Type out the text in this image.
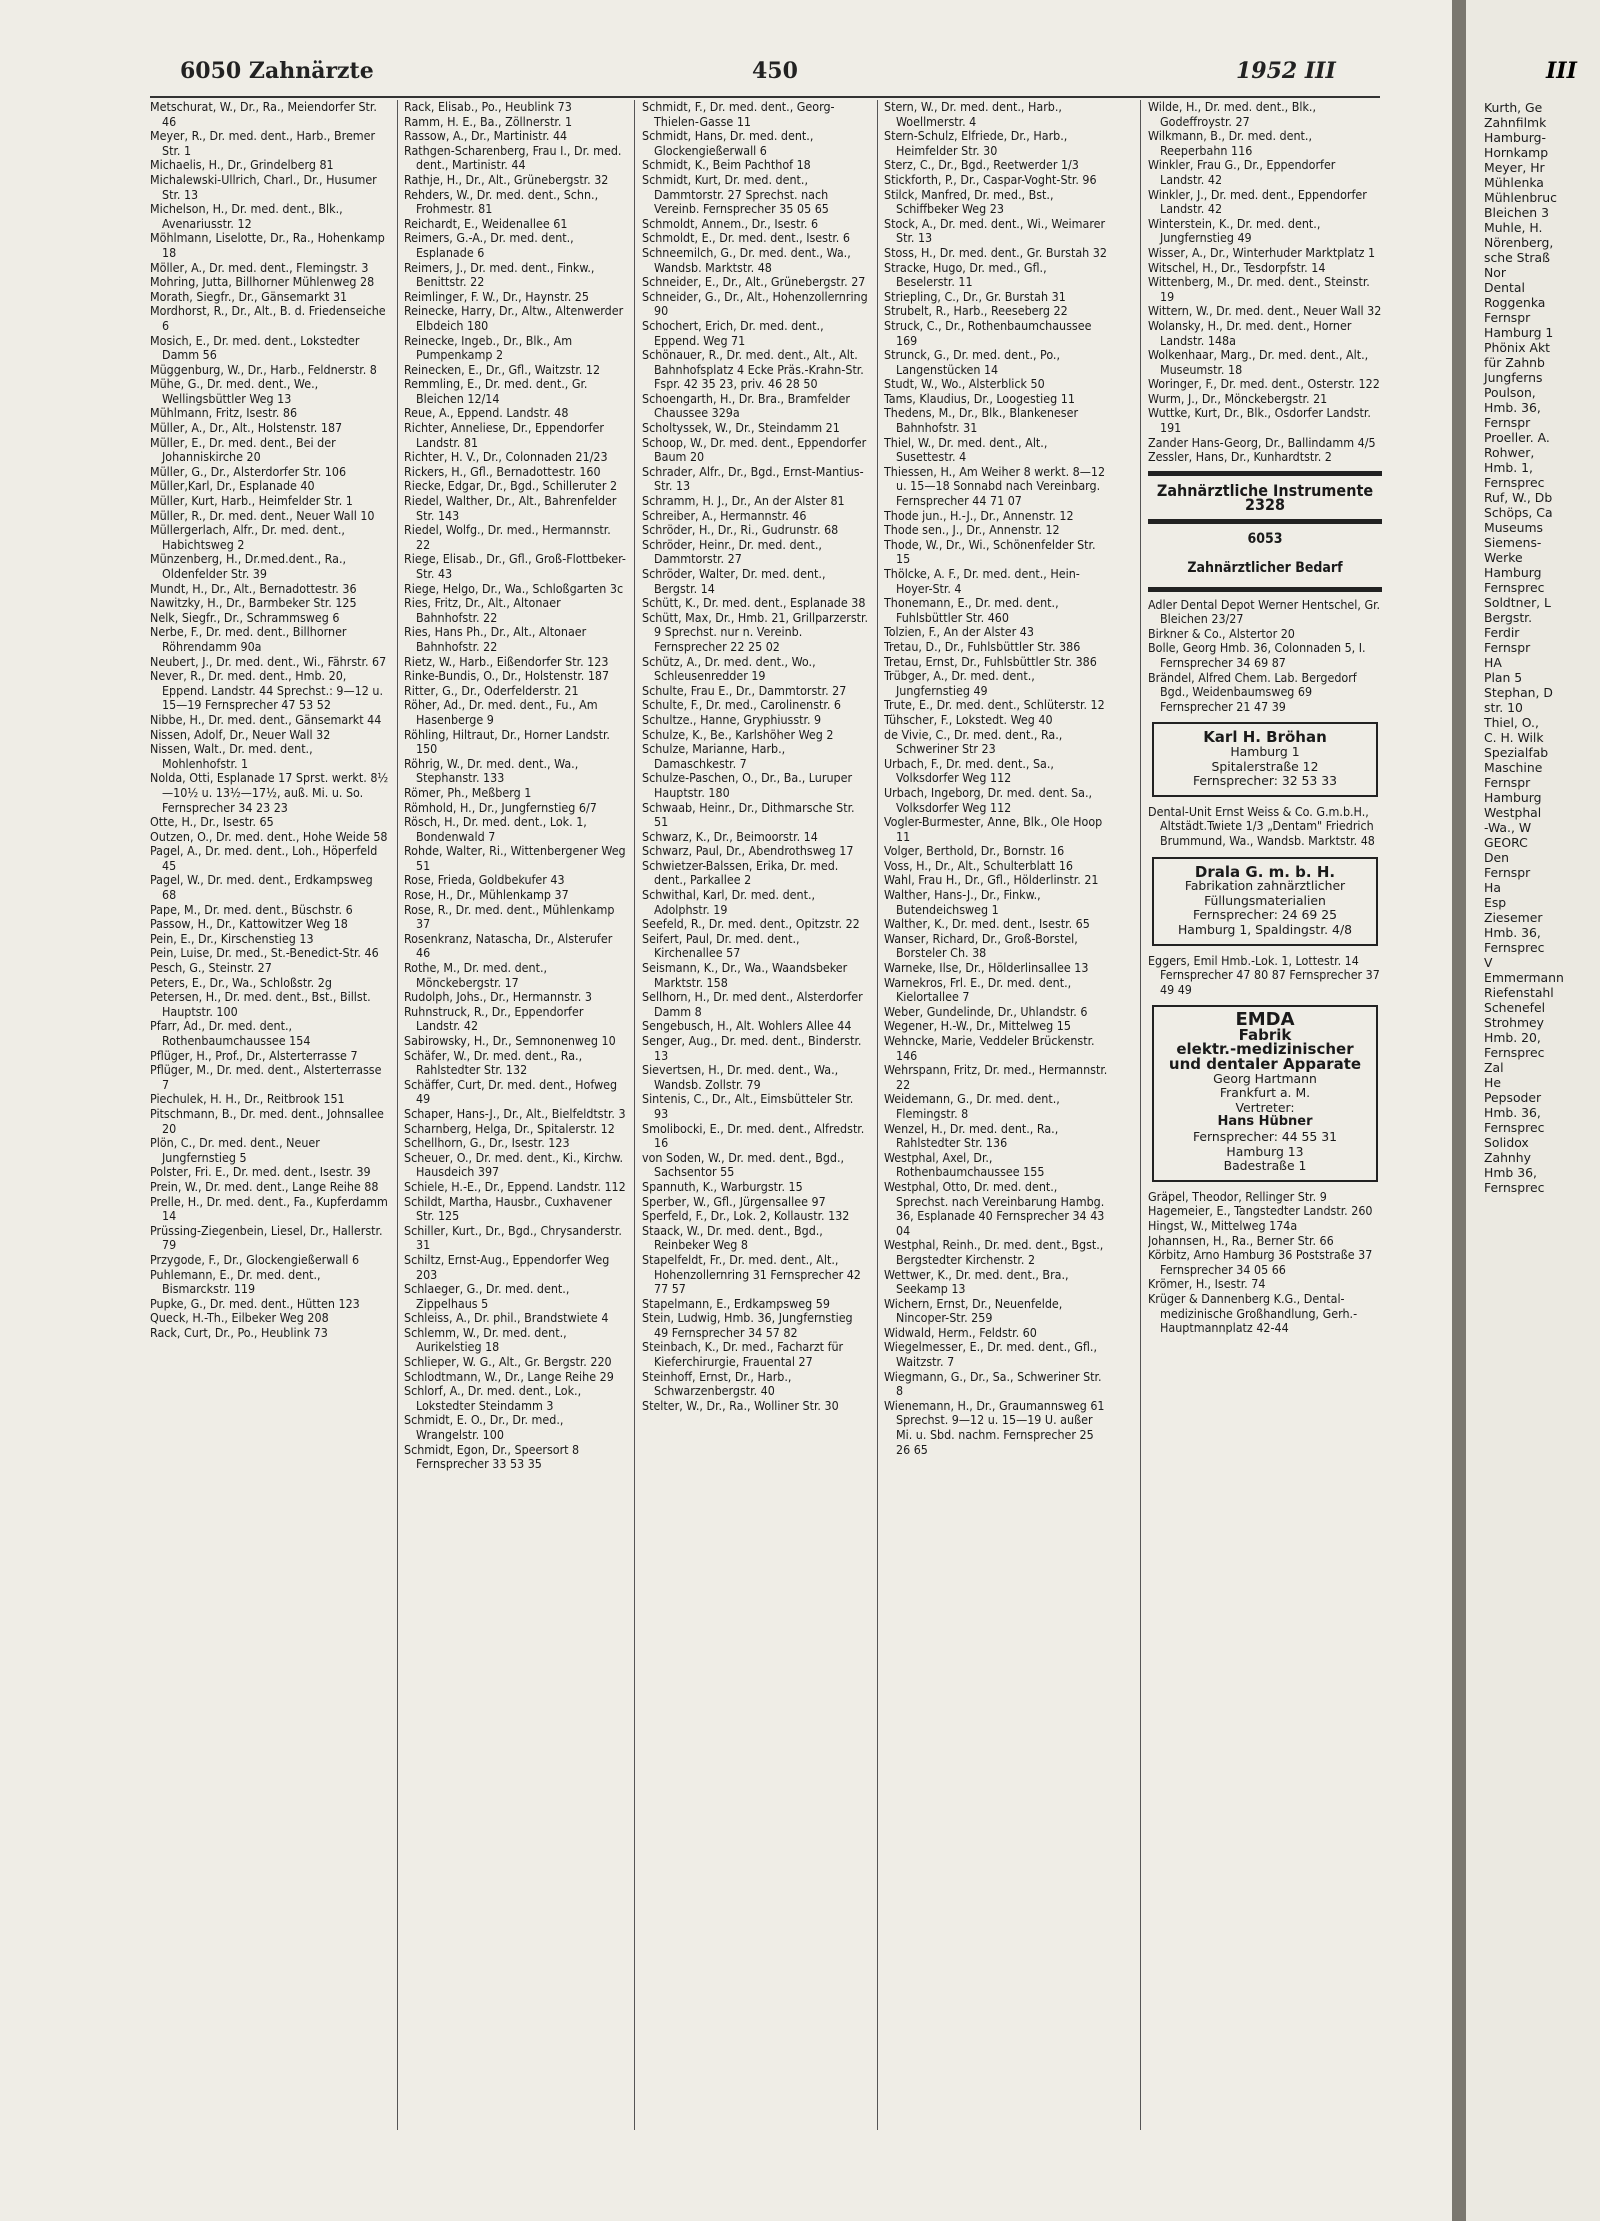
6050 Zahnärzte	450	1952 III	III
Metschurat, W., Dr., Ra., Meiendorfer Str. 46
Meyer, R., Dr. med. dent., Harb., Bremer Str. 1
Michaelis, H., Dr., Grindelberg 81
Michalewski-Ullrich, Charl., Dr., Husumer Str. 13
Michelson, H., Dr. med. dent., Blk., Avenariusstr. 12
Möhlmann, Liselotte, Dr., Ra., Hohenkamp 18
Möller, A., Dr. med. dent., Flemingstr. 3
Mohring, Jutta, Billhorner Mühlenweg 28
Morath, Siegfr., Dr., Gänsemarkt 31
Mordhorst, R., Dr., Alt., B. d. Friedenseiche 6
Mosich, E., Dr. med. dent., Lokstedter Damm 56
Müggenburg, W., Dr., Harb., Feldnerstr. 8
Mühe, G., Dr. med. dent., We., Wellingsbüttler Weg 13
Mühlmann, Fritz, Isestr. 86
Müller, A., Dr., Alt., Holstenstr. 187
Müller, E., Dr. med. dent., Bei der Johanniskirche 20
Müller, G., Dr., Alsterdorfer Str. 106
Müller,Karl, Dr., Esplanade 40
Müller, Kurt, Harb., Heimfelder Str. 1
Müller, R., Dr. med. dent., Neuer Wall 10
Müllergerlach, Alfr., Dr. med. dent., Habichtsweg 2
Münzenberg, H., Dr.med.dent., Ra., Oldenfelder Str. 39
Mundt, H., Dr., Alt., Bernadottestr. 36
Nawitzky, H., Dr., Barmbeker Str. 125
Nelk, Siegfr., Dr., Schrammsweg 6
Nerbe, F., Dr. med. dent., Billhorner Röhrendamm 90a
Neubert, J., Dr. med. dent., Wi., Fährstr. 67
Never, R., Dr. med. dent., Hmb. 20, Eppend. Landstr. 44 Sprechst.: 9—12 u. 15—19 Fernsprecher 47 53 52
Nibbe, H., Dr. med. dent., Gänsemarkt 44
Nissen, Adolf, Dr., Neuer Wall 32
Nissen, Walt., Dr. med. dent., Mohlenhofstr. 1
Nolda, Otti, Esplanade 17 Sprst. werkt. 8½—10½ u. 13½—17½, auß. Mi. u. So. Fernsprecher 34 23 23
Otte, H., Dr., Isestr. 65
Outzen, O., Dr. med. dent., Hohe Weide 58
Pagel, A., Dr. med. dent., Loh., Höperfeld 45
Pagel, W., Dr. med. dent., Erdkampsweg 68
Pape, M., Dr. med. dent., Büschstr. 6
Passow, H., Dr., Kattowitzer Weg 18
Pein, E., Dr., Kirschenstieg 13
Pein, Luise, Dr. med., St.-Benedict-Str. 46
Pesch, G., Steinstr. 27
Peters, E., Dr., Wa., Schloßstr. 2g
Petersen, H., Dr. med. dent., Bst., Billst. Hauptstr. 100
Pfarr, Ad., Dr. med. dent., Rothenbaumchaussee 154
Pflüger, H., Prof., Dr., Alsterterrasse 7
Pflüger, M., Dr. med. dent., Alsterterrasse 7
Piechulek, H. H., Dr., Reitbrook 151
Pitschmann, B., Dr. med. dent., Johnsallee 20
Plön, C., Dr. med. dent., Neuer Jungfernstieg 5
Polster, Fri. E., Dr. med. dent., Isestr. 39
Prein, W., Dr. med. dent., Lange Reihe 88
Prelle, H., Dr. med. dent., Fa., Kupferdamm 14
Prüssing-Ziegenbein, Liesel, Dr., Hallerstr. 79
Przygode, F., Dr., Glockengießerwall 6
Puhlemann, E., Dr. med. dent., Bismarckstr. 119
Pupke, G., Dr. med. dent., Hütten 123
Queck, H.-Th., Eilbeker Weg 208
Rack, Curt, Dr., Po., Heublink 73
Rack, Elisab., Po., Heublink 73
Ramm, H. E., Ba., Zöllnerstr. 1
Rassow, A., Dr., Martinistr. 44
Rathgen-Scharenberg, Frau I., Dr. med. dent., Martinistr. 44
Rathje, H., Dr., Alt., Grünebergstr. 32
Rehders, W., Dr. med. dent., Schn., Frohmestr. 81
Reichardt, E., Weidenallee 61
Reimers, G.-A., Dr. med. dent., Esplanade 6
Reimers, J., Dr. med. dent., Finkw., Benittstr. 22
Reimlinger, F. W., Dr., Haynstr. 25
Reinecke, Harry, Dr., Altw., Altenwerder Elbdeich 180
Reinecke, Ingeb., Dr., Blk., Am Pumpenkamp 2
Reinecken, E., Dr., Gfl., Waitzstr. 12
Remmling, E., Dr. med. dent., Gr. Bleichen 12/14
Reue, A., Eppend. Landstr. 48
Richter, Anneliese, Dr., Eppendorfer Landstr. 81
Richter, H. V., Dr., Colonnaden 21/23
Rickers, H., Gfl., Bernadottestr. 160
Riecke, Edgar, Dr., Bgd., Schilleruter 2
Riedel, Walther, Dr., Alt., Bahrenfelder Str. 143
Riedel, Wolfg., Dr. med., Hermannstr. 22
Riege, Elisab., Dr., Gfl., Groß-Flottbeker-Str. 43
Riege, Helgo, Dr., Wa., Schloßgarten 3c
Ries, Fritz, Dr., Alt., Altonaer Bahnhofstr. 22
Ries, Hans Ph., Dr., Alt., Altonaer Bahnhofstr. 22
Rietz, W., Harb., Eißendorfer Str. 123
Rinke-Bundis, O., Dr., Holstenstr. 187
Ritter, G., Dr., Oderfelderstr. 21
Röher, Ad., Dr. med. dent., Fu., Am Hasenberge 9
Röhling, Hiltraut, Dr., Horner Landstr. 150
Röhrig, W., Dr. med. dent., Wa., Stephanstr. 133
Römer, Ph., Meßberg 1
Römhold, H., Dr., Jungfernstieg 6/7
Rösch, H., Dr. med. dent., Lok. 1, Bondenwald 7
Rohde, Walter, Ri., Wittenbergener Weg 51
Rose, Frieda, Goldbekufer 43
Rose, H., Dr., Mühlenkamp 37
Rose, R., Dr. med. dent., Mühlenkamp 37
Rosenkranz, Natascha, Dr., Alsterufer 46
Rothe, M., Dr. med. dent., Mönckebergstr. 17
Rudolph, Johs., Dr., Hermannstr. 3
Ruhnstruck, R., Dr., Eppendorfer Landstr. 42
Sabirowsky, H., Dr., Semnonenweg 10
Schäfer, W., Dr. med. dent., Ra., Rahlstedter Str. 132
Schäffer, Curt, Dr. med. dent., Hofweg 49
Schaper, Hans-J., Dr., Alt., Bielfeldtstr. 3
Scharnberg, Helga, Dr., Spitalerstr. 12
Schellhorn, G., Dr., Isestr. 123
Scheuer, O., Dr. med. dent., Ki., Kirchw. Hausdeich 397
Schiele, H.-E., Dr., Eppend. Landstr. 112
Schildt, Martha, Hausbr., Cuxhavener Str. 125
Schiller, Kurt., Dr., Bgd., Chrysanderstr. 31
Schiltz, Ernst-Aug., Eppendorfer Weg 203
Schlaeger, G., Dr. med. dent., Zippelhaus 5
Schleiss, A., Dr. phil., Brandstwiete 4
Schlemm, W., Dr. med. dent., Aurikelstieg 18
Schlieper, W. G., Alt., Gr. Bergstr. 220
Schlodtmann, W., Dr., Lange Reihe 29
Schlorf, A., Dr. med. dent., Lok., Lokstedter Steindamm 3
Schmidt, E. O., Dr., Dr. med., Wrangelstr. 100
Schmidt, Egon, Dr., Speersort 8 Fernsprecher 33 53 35
Schmidt, F., Dr. med. dent., Georg-Thielen-Gasse 11
Schmidt, Hans, Dr. med. dent., Glockengießerwall 6
Schmidt, K., Beim Pachthof 18
Schmidt, Kurt, Dr. med. dent., Dammtorstr. 27 Sprechst. nach Vereinb. Fernsprecher 35 05 65
Schmoldt, Annem., Dr., Isestr. 6
Schmoldt, E., Dr. med. dent., Isestr. 6
Schneemilch, G., Dr. med. dent., Wa., Wandsb. Marktstr. 48
Schneider, E., Dr., Alt., Grünebergstr. 27
Schneider, G., Dr., Alt., Hohenzollernring 90
Schochert, Erich, Dr. med. dent., Eppend. Weg 71
Schönauer, R., Dr. med. dent., Alt., Alt. Bahnhofsplatz 4 Ecke Präs.-Krahn-Str. Fspr. 42 35 23, priv. 46 28 50
Schoengarth, H., Dr. Bra., Bramfelder Chaussee 329a
Scholtyssek, W., Dr., Steindamm 21
Schoop, W., Dr. med. dent., Eppendorfer Baum 20
Schrader, Alfr., Dr., Bgd., Ernst-Mantius-Str. 13
Schramm, H. J., Dr., An der Alster 81
Schreiber, A., Hermannstr. 46
Schröder, H., Dr., Ri., Gudrunstr. 68
Schröder, Heinr., Dr. med. dent., Dammtorstr. 27
Schröder, Walter, Dr. med. dent., Bergstr. 14
Schütt, K., Dr. med. dent., Esplanade 38
Schütt, Max, Dr., Hmb. 21, Grillparzerstr. 9 Sprechst. nur n. Vereinb. Fernsprecher 22 25 02
Schütz, A., Dr. med. dent., Wo., Schleusenredder 19
Schulte, Frau E., Dr., Dammtorstr. 27
Schulte, F., Dr. med., Carolinenstr. 6
Schultze., Hanne, Gryphiusstr. 9
Schulze, K., Be., Karlshöher Weg 2
Schulze, Marianne, Harb., Damaschkestr. 7
Schulze-Paschen, O., Dr., Ba., Luruper Hauptstr. 180
Schwaab, Heinr., Dr., Dithmarsche Str. 51
Schwarz, K., Dr., Beimoorstr. 14
Schwarz, Paul, Dr., Abendrothsweg 17
Schwietzer-Balssen, Erika, Dr. med. dent., Parkallee 2
Schwithal, Karl, Dr. med. dent., Adolphstr. 19
Seefeld, R., Dr. med. dent., Opitzstr. 22
Seifert, Paul, Dr. med. dent., Kirchenallee 57
Seismann, K., Dr., Wa., Waandsbeker Marktstr. 158
Sellhorn, H., Dr. med dent., Alsterdorfer Damm 8
Sengebusch, H., Alt. Wohlers Allee 44
Senger, Aug., Dr. med. dent., Binderstr. 13
Sievertsen, H., Dr. med. dent., Wa., Wandsb. Zollstr. 79
Sintenis, C., Dr., Alt., Eimsbütteler Str. 93
Smolibocki, E., Dr. med. dent., Alfredstr. 16
von Soden, W., Dr. med. dent., Bgd., Sachsentor 55
Spannuth, K., Warburgstr. 15
Sperber, W., Gfl., Jürgensallee 97
Sperfeld, F., Dr., Lok. 2, Kollaustr. 132
Staack, W., Dr. med. dent., Bgd., Reinbeker Weg 8
Stapelfeldt, Fr., Dr. med. dent., Alt., Hohenzollernring 31 Fernsprecher 42 77 57
Stapelmann, E., Erdkampsweg 59
Stein, Ludwig, Hmb. 36, Jungfernstieg 49 Fernsprecher 34 57 82
Steinbach, K., Dr. med., Facharzt für Kieferchirurgie, Frauental 27
Steinhoff, Ernst, Dr., Harb., Schwarzenbergstr. 40
Stelter, W., Dr., Ra., Wolliner Str. 30
Stern, W., Dr. med. dent., Harb., Woellmerstr. 4
Stern-Schulz, Elfriede, Dr., Harb., Heimfelder Str. 30
Sterz, C., Dr., Bgd., Reetwerder 1/3
Stickforth, P., Dr., Caspar-Voght-Str. 96
Stilck, Manfred, Dr. med., Bst., Schiffbeker Weg 23
Stock, A., Dr. med. dent., Wi., Weimarer Str. 13
Stoss, H., Dr. med. dent., Gr. Burstah 32
Stracke, Hugo, Dr. med., Gfl., Beselerstr. 11
Striepling, C., Dr., Gr. Burstah 31
Strubelt, R., Harb., Reeseberg 22
Struck, C., Dr., Rothenbaumchaussee 169
Strunck, G., Dr. med. dent., Po., Langenstücken 14
Studt, W., Wo., Alsterblick 50
Tams, Klaudius, Dr., Loogestieg 11
Thedens, M., Dr., Blk., Blankeneser Bahnhofstr. 31
Thiel, W., Dr. med. dent., Alt., Susettestr. 4
Thiessen, H., Am Weiher 8 werkt. 8—12 u. 15—18 Sonnabd nach Vereinbarg. Fernsprecher 44 71 07
Thode jun., H.-J., Dr., Annenstr. 12
Thode sen., J., Dr., Annenstr. 12
Thode, W., Dr., Wi., Schönenfelder Str. 15
Thölcke, A. F., Dr. med. dent., Hein-Hoyer-Str. 4
Thonemann, E., Dr. med. dent., Fuhlsbüttler Str. 460
Tolzien, F., An der Alster 43
Tretau, D., Dr., Fuhlsbüttler Str. 386
Tretau, Ernst, Dr., Fuhlsbüttler Str. 386
Trübger, A., Dr. med. dent., Jungfernstieg 49
Trute, E., Dr. med. dent., Schlüterstr. 12
Tühscher, F., Lokstedt. Weg 40
de Vivie, C., Dr. med. dent., Ra., Schweriner Str 23
Urbach, F., Dr. med. dent., Sa., Volksdorfer Weg 112
Urbach, Ingeborg, Dr. med. dent. Sa., Volksdorfer Weg 112
Vogler-Burmester, Anne, Blk., Ole Hoop 11
Volger, Berthold, Dr., Bornstr. 16
Voss, H., Dr., Alt., Schulterblatt 16
Wahl, Frau H., Dr., Gfl., Hölderlinstr. 21
Walther, Hans-J., Dr., Finkw., Butendeichsweg 1
Walther, K., Dr. med. dent., Isestr. 65
Wanser, Richard, Dr., Groß-Borstel, Borsteler Ch. 38
Warneke, Ilse, Dr., Hölderlinsallee 13
Warnekros, Frl. E., Dr. med. dent., Kielortallee 7
Weber, Gundelinde, Dr., Uhlandstr. 6
Wegener, H.-W., Dr., Mittelweg 15
Wehncke, Marie, Veddeler Brückenstr. 146
Wehrspann, Fritz, Dr. med., Hermannstr. 22
Weidemann, G., Dr. med. dent., Flemingstr. 8
Wenzel, H., Dr. med. dent., Ra., Rahlstedter Str. 136
Westphal, Axel, Dr., Rothenbaumchaussee 155
Westphal, Otto, Dr. med. dent., Sprechst. nach Vereinbarung Hambg. 36, Esplanade 40 Fernsprecher 34 43 04
Westphal, Reinh., Dr. med. dent., Bgst., Bergstedter Kirchenstr. 2
Wettwer, K., Dr. med. dent., Bra., Seekamp 13
Wichern, Ernst, Dr., Neuenfelde, Nincoper-Str. 259
Widwald, Herm., Feldstr. 60
Wiegelmesser, E., Dr. med. dent., Gfl., Waitzstr. 7
Wiegmann, G., Dr., Sa., Schweriner Str. 8
Wienemann, H., Dr., Graumannsweg 61 Sprechst. 9—12 u. 15—19 U. außer Mi. u. Sbd. nachm. Fernsprecher 25 26 65
Wilde, H., Dr. med. dent., Blk., Godeffroystr. 27
Wilkmann, B., Dr. med. dent., Reeperbahn 116
Winkler, Frau G., Dr., Eppendorfer Landstr. 42
Winkler, J., Dr. med. dent., Eppendorfer Landstr. 42
Winterstein, K., Dr. med. dent., Jungfernstieg 49
Wisser, A., Dr., Winterhuder Marktplatz 1
Witschel, H., Dr., Tesdorpfstr. 14
Wittenberg, M., Dr. med. dent., Steinstr. 19
Wittern, W., Dr. med. dent., Neuer Wall 32
Wolansky, H., Dr. med. dent., Horner Landstr. 148a
Wolkenhaar, Marg., Dr. med. dent., Alt., Museumstr. 18
Woringer, F., Dr. med. dent., Osterstr. 122
Wurm, J., Dr., Mönckebergstr. 21
Wuttke, Kurt, Dr., Blk., Osdorfer Landstr. 191
Zander Hans-Georg, Dr., Ballindamm 4/5
Zessler, Hans, Dr., Kunhardtstr. 2
Zahnärztliche Instrumente 2328
6053
Zahnärztlicher Bedarf
Adler Dental Depot Werner Hentschel, Gr. Bleichen 23/27
Birkner & Co., Alstertor 20
Bolle, Georg Hmb. 36, Colonnaden 5, I. Fernsprecher 34 69 87
Brändel, Alfred Chem. Lab. Bergedorf Bgd., Weidenbaumsweg 69 Fernsprecher 21 47 39
Karl H. Bröhan
Hamburg 1
Spitalerstraße 12
Fernsprecher: 32 53 33
Dental-Unit Ernst Weiss & Co. G.m.b.H., Altstädt.Twiete 1/3 „Dentam" Friedrich Brummund, Wa., Wandsb. Marktstr. 48
Drala G. m. b. H.
Fabrikation zahnärztlicher Füllungsmaterialien
Fernsprecher: 24 69 25
Hamburg 1, Spaldingstr. 4/8
Eggers, Emil Hmb.-Lok. 1, Lottestr. 14 Fernsprecher 47 80 87 Fernsprecher 37 49 49
EMDA
Fabrik
elektr.-medizinischer und dentaler Apparate
Georg Hartmann
Frankfurt a. M.
Vertreter:
Hans Hübner
Fernsprecher: 44 55 31
Hamburg 13
Badestraße 1
Gräpel, Theodor, Rellinger Str. 9
Hagemeier, E., Tangstedter Landstr. 260
Hingst, W., Mittelweg 174a
Johannsen, H., Ra., Berner Str. 66
Körbitz, Arno Hamburg 36 Poststraße 37 Fernsprecher 34 05 66
Krömer, H., Isestr. 74
Krüger & Dannenberg K.G., Dental-medizinische Großhandlung, Gerh.-Hauptmannplatz 42-44
Kurth, Ge
Zahnfilmk
Hamburg-
Hornkamp
Meyer, Hr
Mühlenka
Mühlenbruc
Bleichen 3
Muhle, H.
Nörenberg,
sche Straß
Nor
Dental
Roggenka
Fernspr
Hamburg 1
Phönix Akt
für Zahnb
Jungferns
Poulson,
Hmb. 36,
Fernspr
Proeller. A.
Rohwer,
Hmb. 1,
Fernsprec
Ruf, W., Db
Schöps, Ca
Museums
Siemens-
Werke
Hamburg
Fernsprec
Soldtner, L
Bergstr.
Ferdir
Fernspr
HA
Plan 5
Stephan, D
str. 10
Thiel, O.,
C. H. Wilk
Spezialfab
Maschine
Fernspr
Hamburg
Westphal
-Wa., W
GEORC
Den
Fernspr
Ha
Esp
Ziesemer
Hmb. 36,
Fernsprec
V
Emmermann
Riefenstahl
Schenefel
Strohmey
Hmb. 20,
Fernsprec
Zal
He
Pepsoder
Hmb. 36,
Fernsprec
Solidox
Zahnhy
Hmb 36,
Fernsprec
